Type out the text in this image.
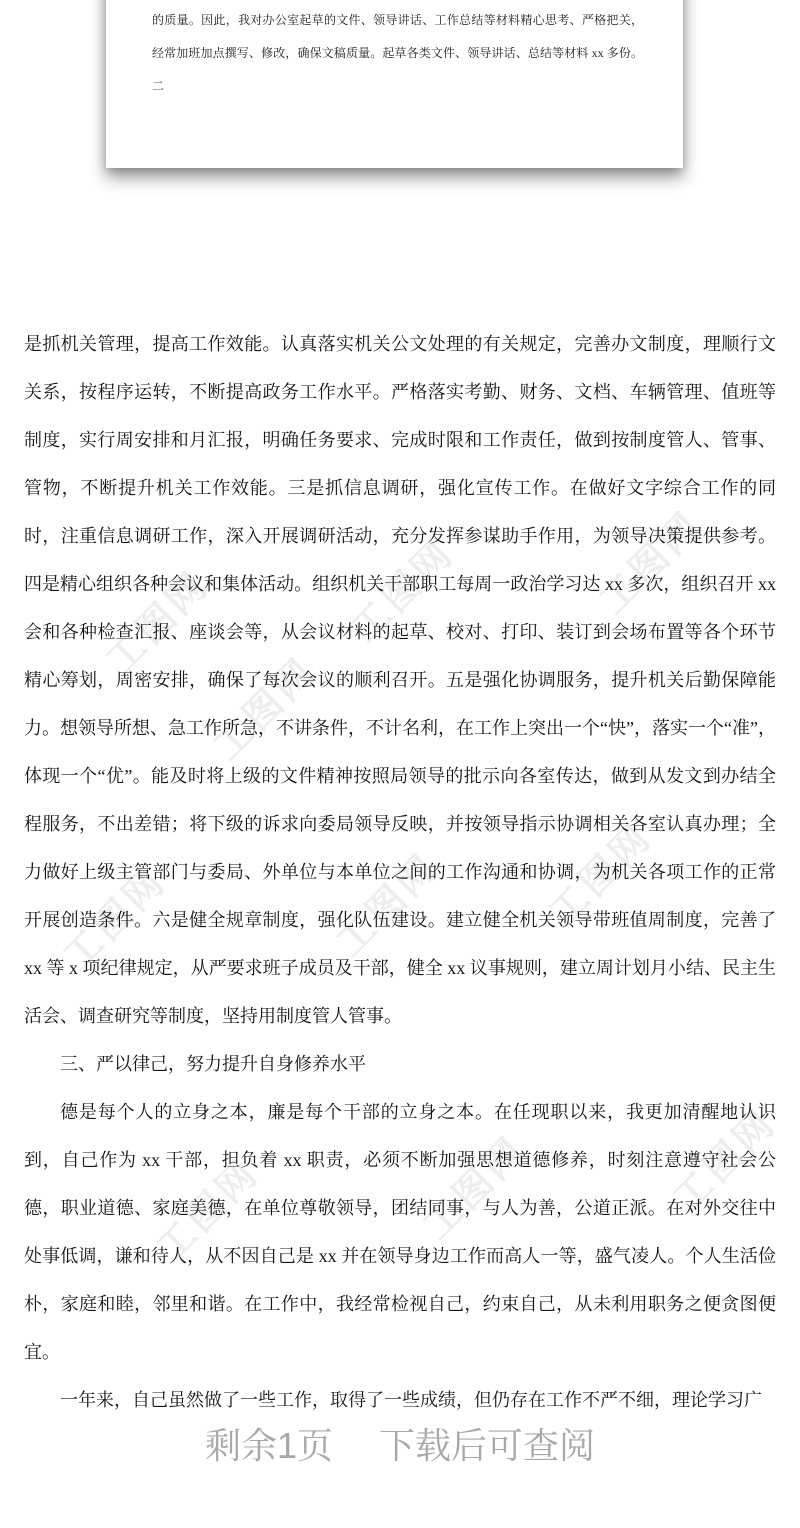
工图网	工图网	工图网
工图网
工图网	工图网 工图网
工图网	工图网	工图网
的质量。因此，我对办公室起草的文件、领导讲话、工作总结等材料精心思考、严格把关，经常加班加点撰写、修改，确保文稿质量。起草各类文件、领导讲话、总结等材料 xx 多份。二

是抓机关管理，提高工作效能。认真落实机关公文处理的有关规定，完善办文制度，理顺行文关系，按程序运转，不断提高政务工作水平。严格落实考勤、财务、文档、车辆管理、值班等制度，实行周安排和月汇报，明确任务要求、完成时限和工作责任，做到按制度管人、管事、管物，不断提升机关工作效能。三是抓信息调研，强化宣传工作。在做好文字综合工作的同时，注重信息调研工作，深入开展调研活动，充分发挥参谋助手作用，为领导决策提供参考。四是精心组织各种会议和集体活动。组织机关干部职工每周一政治学习达 xx 多次，组织召开 xx 会和各种检查汇报、座谈会等，从会议材料的起草、校对、打印、装订到会场布置等各个环节精心筹划，周密安排，确保了每次会议的顺利召开。五是强化协调服务，提升机关后勤保障能力。想领导所想、急工作所急，不讲条件，不计名利，在工作上突出一个“快”，落实一个“准”，体现一个“优”。能及时将上级的文件精神按照局领导的批示向各室传达，做到从发文到办结全程服务，不出差错；将下级的诉求向委局领导反映，并按领导指示协调相关各室认真办理；全力做好上级主管部门与委局、外单位与本单位之间的工作沟通和协调，为机关各项工作的正常开展创造条件。六是健全规章制度，强化队伍建设。建立健全机关领导带班值周制度，完善了 xx 等 x 项纪律规定，从严要求班子成员及干部，健全 xx 议事规则，建立周计划月小结、民主生活会、调查研究等制度，坚持用制度管人管事。

三、严以律己，努力提升自身修养水平

德是每个人的立身之本，廉是每个干部的立身之本。在任现职以来，我更加清醒地认识到，自己作为 xx 干部，担负着 xx 职责，必须不断加强思想道德修养，时刻注意遵守社会公德，职业道德、家庭美德，在单位尊敬领导，团结同事，与人为善，公道正派。在对外交往中处事低调，谦和待人，从不因自己是 xx 并在领导身边工作而高人一等，盛气凌人。个人生活俭朴，家庭和睦，邻里和谐。在工作中，我经常检视自己，约束自己，从未利用职务之便贪图便宜。

一年来，自己虽然做了一些工作，取得了一些成绩，但仍存在工作不严不细，理论学习广

剩余1页 下载后可查阅
